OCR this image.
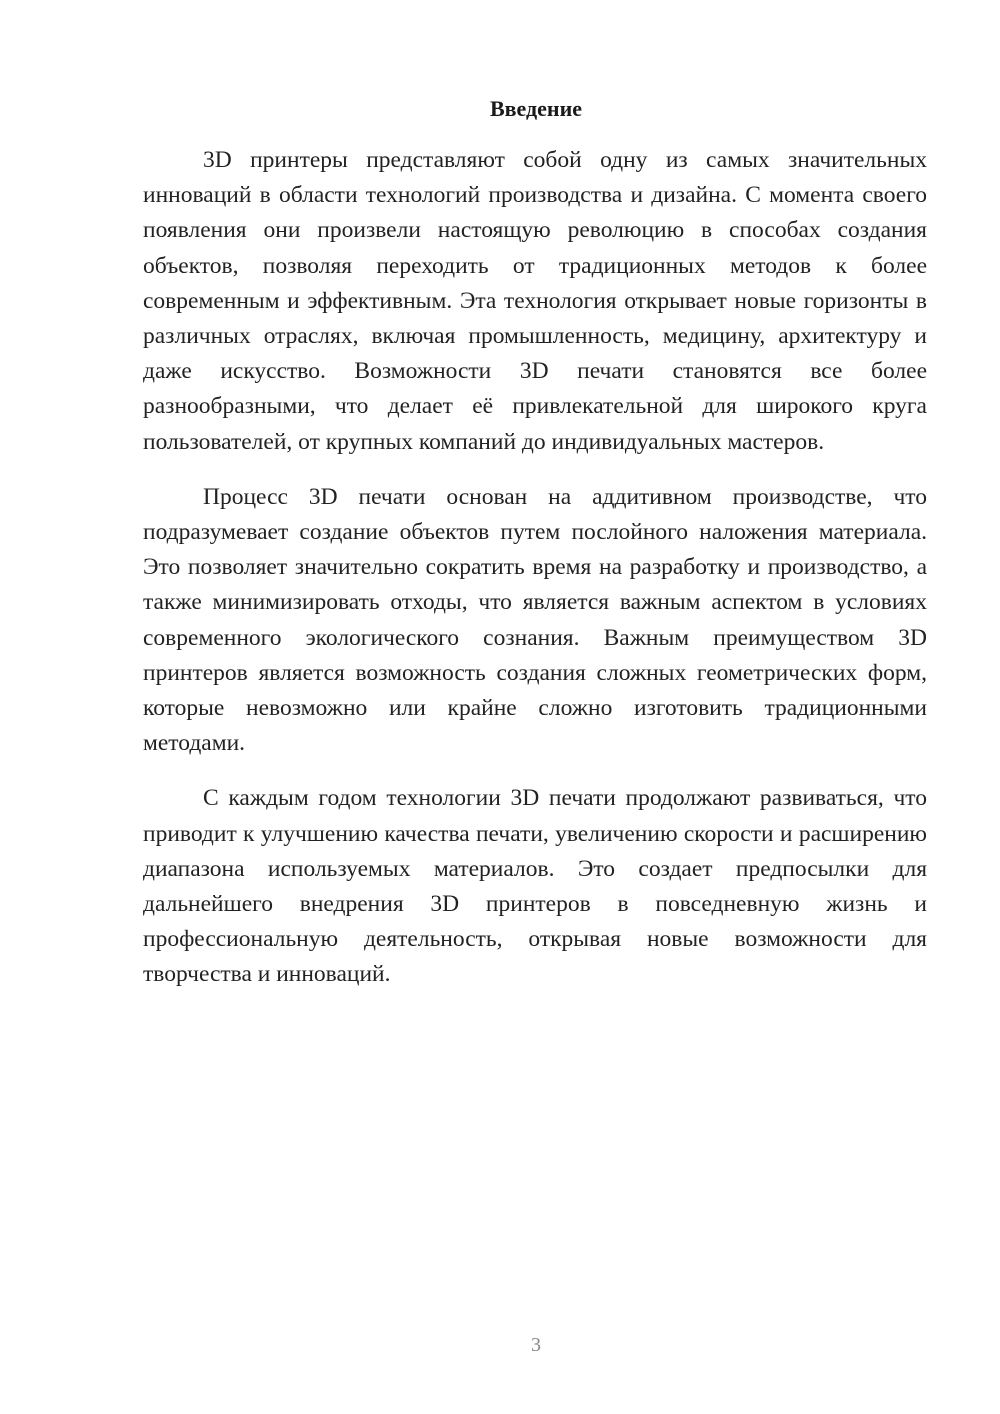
Введение

3D принтеры представляют собой одну из самых значительных инноваций в области технологий производства и дизайна. С момента своего появления они произвели настоящую революцию в способах создания объектов, позволяя переходить от традиционных методов к более современным и эффективным. Эта технология открывает новые горизонты в различных отраслях, включая промышленность, медицину, архитектуру и даже искусство. Возможности 3D печати становятся все более разнообразными, что делает её привлекательной для широкого круга пользователей, от крупных компаний до индивидуальных мастеров.

Процесс 3D печати основан на аддитивном производстве, что подразумевает создание объектов путем послойного наложения материала. Это позволяет значительно сократить время на разработку и производство, а также минимизировать отходы, что является важным аспектом в условиях современного экологического сознания. Важным преимуществом 3D принтеров является возможность создания сложных геометрических форм, которые невозможно или крайне сложно изготовить традиционными методами.

С каждым годом технологии 3D печати продолжают развиваться, что приводит к улучшению качества печати, увеличению скорости и расширению диапазона используемых материалов. Это создает предпосылки для дальнейшего внедрения 3D принтеров в повседневную жизнь и профессиональную деятельность, открывая новые возможности для творчества и инноваций.

3
